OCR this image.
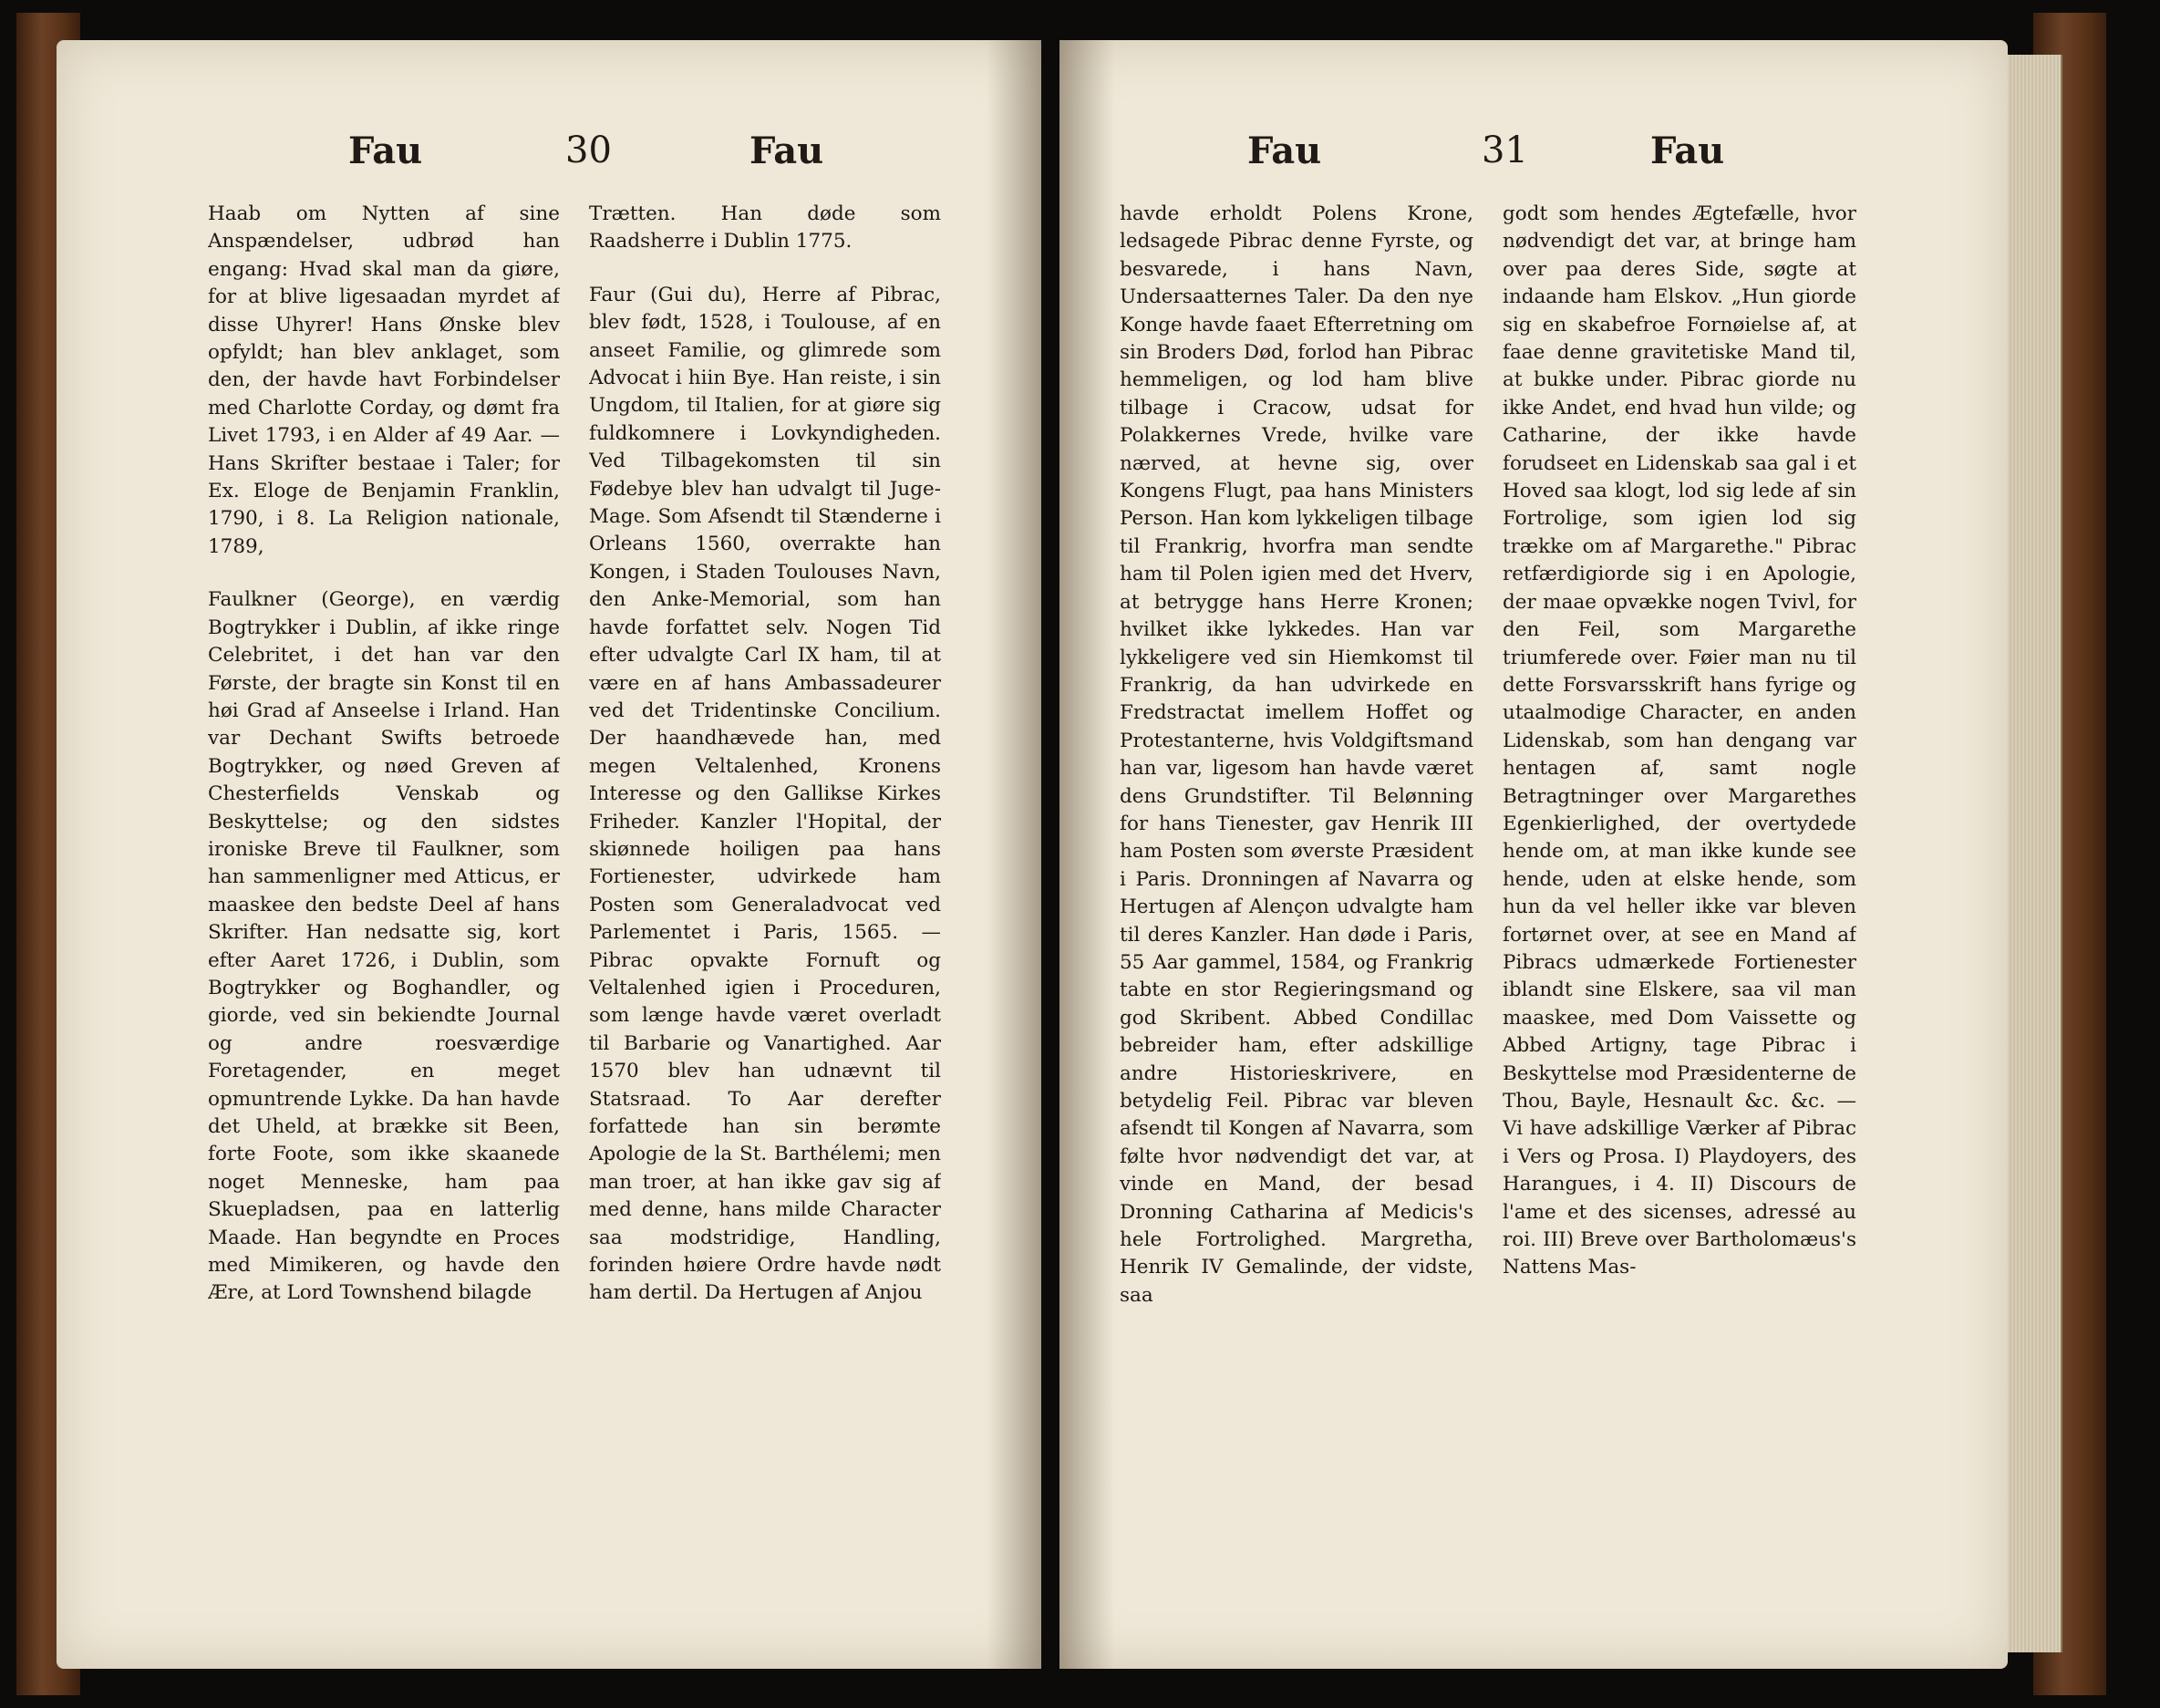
Fau	30	Fau	Fau	31	Fau

Haab om Nytten af sine Anspændelser, udbrød han engang: Hvad skal man da giøre, for at blive ligesaadan myrdet af disse Uhyrer! Hans Ønske blev opfyldt; han blev anklaget, som den, der havde havt Forbindelser med Charlotte Corday, og dømt fra Livet 1793, i en Alder af 49 Aar. — Hans Skrifter bestaae i Taler; for Ex. Eloge de Benjamin Franklin, 1790, i 8. La Religion nationale, 1789,

Faulkner (George), en værdig Bogtrykker i Dublin, af ikke ringe Celebritet, i det han var den Første, der bragte sin Konst til en høi Grad af Anseelse i Irland. Han var Dechant Swifts betroede Bogtrykker, og nøed Greven af Chesterfields Venskab og Beskyttelse; og den sidstes ironiske Breve til Faulkner, som han sammenligner med Atticus, er maaskee den bedste Deel af hans Skrifter. Han nedsatte sig, kort efter Aaret 1726, i Dublin, som Bogtrykker og Boghandler, og giorde, ved sin bekiendte Journal og andre roesværdige Foretagender, en meget opmuntrende Lykke. Da han havde det Uheld, at brække sit Been, forte Foote, som ikke skaanede noget Menneske, ham paa Skuepladsen, paa en latterlig Maade. Han begyndte en Proces med Mimikeren, og havde den Ære, at Lord Townshend bilagde

Trætten. Han døde som Raadsherre i Dublin 1775.

Faur (Gui du), Herre af Pibrac, blev født, 1528, i Toulouse, af en anseet Familie, og glimrede som Advocat i hiin Bye. Han reiste, i sin Ungdom, til Italien, for at giøre sig fuldkomnere i Lovkyndigheden. Ved Tilbagekomsten til sin Fødebye blev han udvalgt til Juge-Mage. Som Afsendt til Stænderne i Orleans 1560, overrakte han Kongen, i Staden Toulouses Navn, den Anke-Memorial, som han havde forfattet selv. Nogen Tid efter udvalgte Carl IX ham, til at være en af hans Ambassadeurer ved det Tridentinske Concilium. Der haandhævede han, med megen Veltalenhed, Kronens Interesse og den Gallikse Kirkes Friheder. Kanzler l'Hopital, der skiønnede hoiligen paa hans Fortienester, udvirkede ham Posten som Generaladvocat ved Parlementet i Paris, 1565. — Pibrac opvakte Fornuft og Veltalenhed igien i Proceduren, som længe havde været overladt til Barbarie og Vanartighed. Aar 1570 blev han udnævnt til Statsraad. To Aar derefter forfattede han sin berømte Apologie de la St. Barthélemi; men man troer, at han ikke gav sig af med denne, hans milde Character saa modstridige, Handling, forinden høiere Ordre havde nødt ham dertil. Da Hertugen af Anjou

havde erholdt Polens Krone, ledsagede Pibrac denne Fyrste, og besvarede, i hans Navn, Undersaatternes Taler. Da den nye Konge havde faaet Efterretning om sin Broders Død, forlod han Pibrac hemmeligen, og lod ham blive tilbage i Cracow, udsat for Polakkernes Vrede, hvilke vare nærved, at hevne sig, over Kongens Flugt, paa hans Ministers Person. Han kom lykkeligen tilbage til Frankrig, hvorfra man sendte ham til Polen igien med det Hverv, at betrygge hans Herre Kronen; hvilket ikke lykkedes. Han var lykkeligere ved sin Hiemkomst til Frankrig, da han udvirkede en Fredstractat imellem Hoffet og Protestanterne, hvis Voldgiftsmand han var, ligesom han havde været dens Grundstifter. Til Belønning for hans Tienester, gav Henrik III ham Posten som øverste Præsident i Paris. Dronningen af Navarra og Hertugen af Alençon udvalgte ham til deres Kanzler. Han døde i Paris, 55 Aar gammel, 1584, og Frankrig tabte en stor Regieringsmand og god Skribent. Abbed Condillac bebreider ham, efter adskillige andre Historieskrivere, en betydelig Feil. Pibrac var bleven afsendt til Kongen af Navarra, som følte hvor nødvendigt det var, at vinde en Mand, der besad Dronning Catharina af Medicis's hele Fortrolighed. Margretha, Henrik IV Gemalinde, der vidste, saa

godt som hendes Ægtefælle, hvor nødvendigt det var, at bringe ham over paa deres Side, søgte at indaande ham Elskov. „Hun giorde sig en skabefroe Fornøielse af, at faae denne gravitetiske Mand til, at bukke under. Pibrac giorde nu ikke Andet, end hvad hun vilde; og Catharine, der ikke havde forudseet en Lidenskab saa gal i et Hoved saa klogt, lod sig lede af sin Fortrolige, som igien lod sig trække om af Margarethe." Pibrac retfærdigiorde sig i en Apologie, der maae opvække nogen Tvivl, for den Feil, som Margarethe triumferede over. Føier man nu til dette Forsvarsskrift hans fyrige og utaalmodige Character, en anden Lidenskab, som han dengang var hentagen af, samt nogle Betragtninger over Margarethes Egenkierlighed, der overtydede hende om, at man ikke kunde see hende, uden at elske hende, som hun da vel heller ikke var bleven fortørnet over, at see en Mand af Pibracs udmærkede Fortienester iblandt sine Elskere, saa vil man maaskee, med Dom Vaissette og Abbed Artigny, tage Pibrac i Beskyttelse mod Præsidenterne de Thou, Bayle, Hesnault &c. &c. — Vi have adskillige Værker af Pibrac i Vers og Prosa. I) Playdoyers, des Harangues, i 4. II) Discours de l'ame et des sicenses, adressé au roi. III) Breve over Bartholomæus's Nattens Mas-
